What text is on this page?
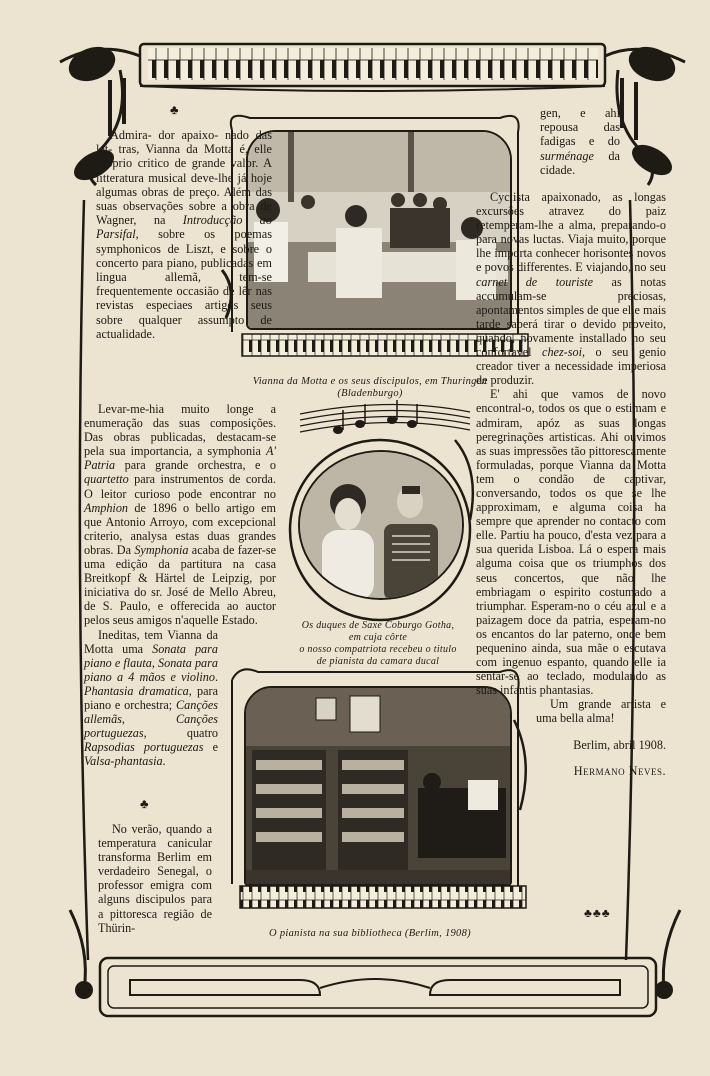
Vianna da Motta e os seus discipulos, em Thuringen
(Bladenburgo)
Os duques de Saxe Coburgo Gotha,
em cuja côrte
o nosso compatriota recebeu o titulo
de pianista da camara ducal
O pianista na sua bibliotheca (Berlim, 1908)
♣
♣
♣♣♣

Admira- dor apaixo- nado das let- tras, Vianna da Motta é, elle proprio critico de grande valor. A litteratura musical deve-lhe já hoje algumas obras de preço. Além das suas observações sobre a obra de Wagner, na Introducção ao Parsifal, sobre os poemas symphonicos de Liszt, e sobre o concerto para piano, publicadas em lingua allemã, tem-se frequentemente occasião de lêr nas revistas especiaes artigos seus sobre qualquer assumpto de actualidade.

Levar-me-hia muito longe a enumeração das suas composições. Das obras publicadas, destacam-se pela sua importancia, a symphonia A' Patria para grande orchestra, e o quartetto para instrumentos de corda. O leitor curioso pode encontrar no Amphion de 1896 o bello artigo em que Antonio Arroyo, com excepcional criterio, analysa estas duas grandes obras. Da Symphonia acaba de fazer-se uma edição da partitura na casa Breitkopf & Härtel de Leipzig, por iniciativa do sr. José de Mello Abreu, de S. Paulo, e offerecida ao auctor pelos seus amigos n'aquelle Estado.

Ineditas, tem Vianna da Motta uma Sonata para piano e flauta, Sonata para piano a 4 mãos e violino. Phantasia dramatica, para piano e orchestra; Canções allemãs, Canções portuguezas, quatro Rapsodias portuguezas e Valsa-phantasia.

No verão, quando a temperatura canicular transforma Berlim em verdadeiro Senegal, o professor emigra com alguns discipulos para a pittoresca região de Thürin-

gen, e ahi repousa das fadigas e do surménage da cidade.

Cyclista apaixonado, as longas excursões atravez do paiz retemperam-lhe a alma, preparando-o para novas luctas. Viaja muito, porque lhe importa conhecer horisontes novos e povos differentes. E viajando, no seu carnet de touriste as notas accumulam-se preciosas, apontamentos simples de que elle mais tarde saberá tirar o devido proveito, quando, novamente installado no seu confortavel chez-soi, o seu genio creador tiver a necessidade imperiosa de produzir.

E' ahi que vamos de novo encontral-o, todos os que o estimam e admiram, apóz as suas longas peregrinações artisticas. Ahi ouvimos as suas impressões tão pittorescamente formuladas, porque Vianna da Motta tem o condão de captivar, conversando, todos os que se lhe approximam, e alguma coisa ha sempre que aprender no contacto com elle. Partiu ha pouco, d'esta vez para a sua querida Lisboa. Lá o espera mais alguma coisa que os triumphos dos seus concertos, que não lhe embriagam o espirito costumado a triumphar. Esperam-no o céu azul e a paizagem doce da patria, esperam-no os encantos do lar paterno, onde bem pequenino ainda, sua mãe o escutava com ingenuo espanto, quando elle ia sentar-se ao teclado, modulando as suas infantis phantasias.

Um grande artista e uma bella alma!

Berlim, abril 1908.

Hermano Neves.
